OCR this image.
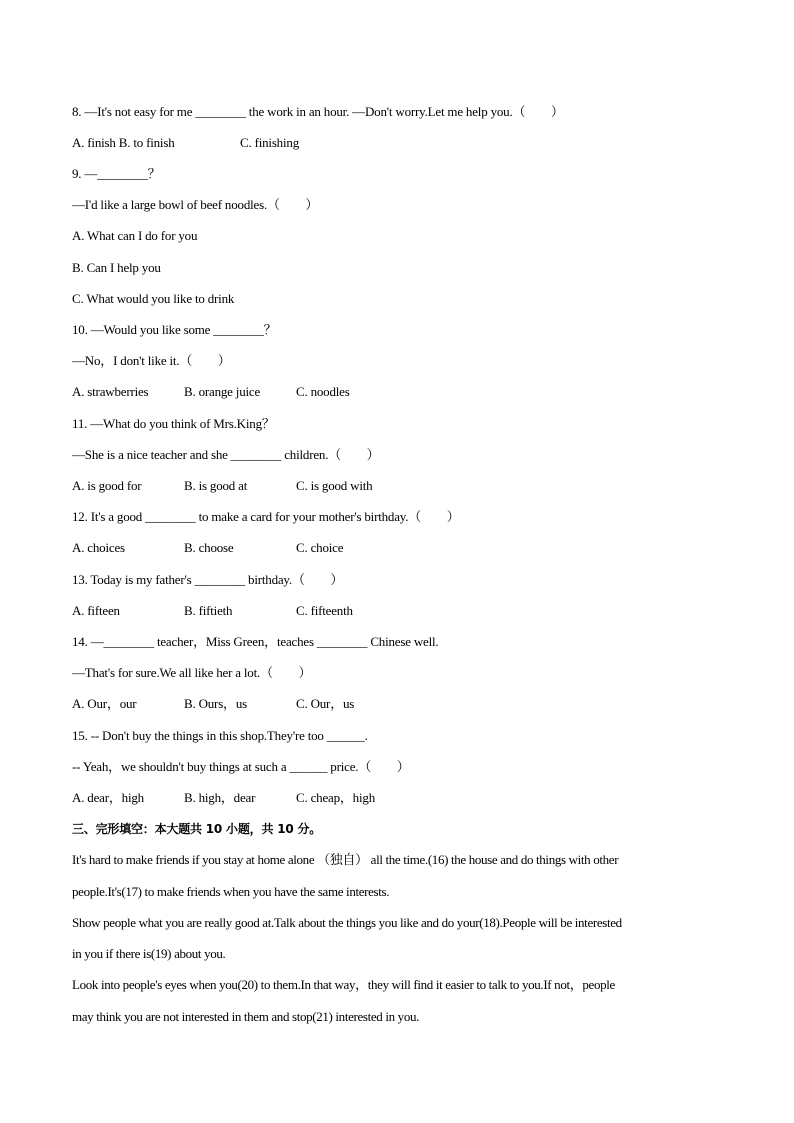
8. —It's not easy for me ________ the work in an hour. —Don't worry.Let me help you.（　　）
A. finish B. to finish	C. finishing
9. —________？
—I'd like a large bowl of beef noodles.（　　）
A. What can I do for you
B. Can I help you
C. What would you like to drink
10. —Would you like some ________？
—No，I don't like it.（　　）
A. strawberries	B. orange juice	C. noodles
11. —What do you think of Mrs.King？
—She is a nice teacher and she ________ children.（　　）
A. is good for	B. is good at	C. is good with
12. It's a good ________ to make a card for your mother's birthday.（　　）
A. choices	B. choose	C. choice
13. Today is my father's ________ birthday.（　　）
A. fifteen	B. fiftieth	C. fifteenth
14. —________ teacher，Miss Green，teaches ________ Chinese well.
—That's for sure.We all like her a lot.（　　）
A. Our，our	B. Ours，us	C. Our，us
15. -- Don't buy the things in this shop.They're too ______.
-- Yeah，we shouldn't buy things at such a ______ price.（　　）
A. dear，high	B. high，dear	C. cheap，high
三、完形填空：本大题共 10 小题，共 10 分。
It's hard to make friends if you stay at home alone （独自） all the time.(16) the house and do things with other
people.It's(17) to make friends when you have the same interests.
Show people what you are really good at.Talk about the things you like and do your(18).People will be interested
in you if there is(19) about you.
Look into people's eyes when you(20) to them.In that way，they will find it easier to talk to you.If not，people
may think you are not interested in them and stop(21) interested in you.
